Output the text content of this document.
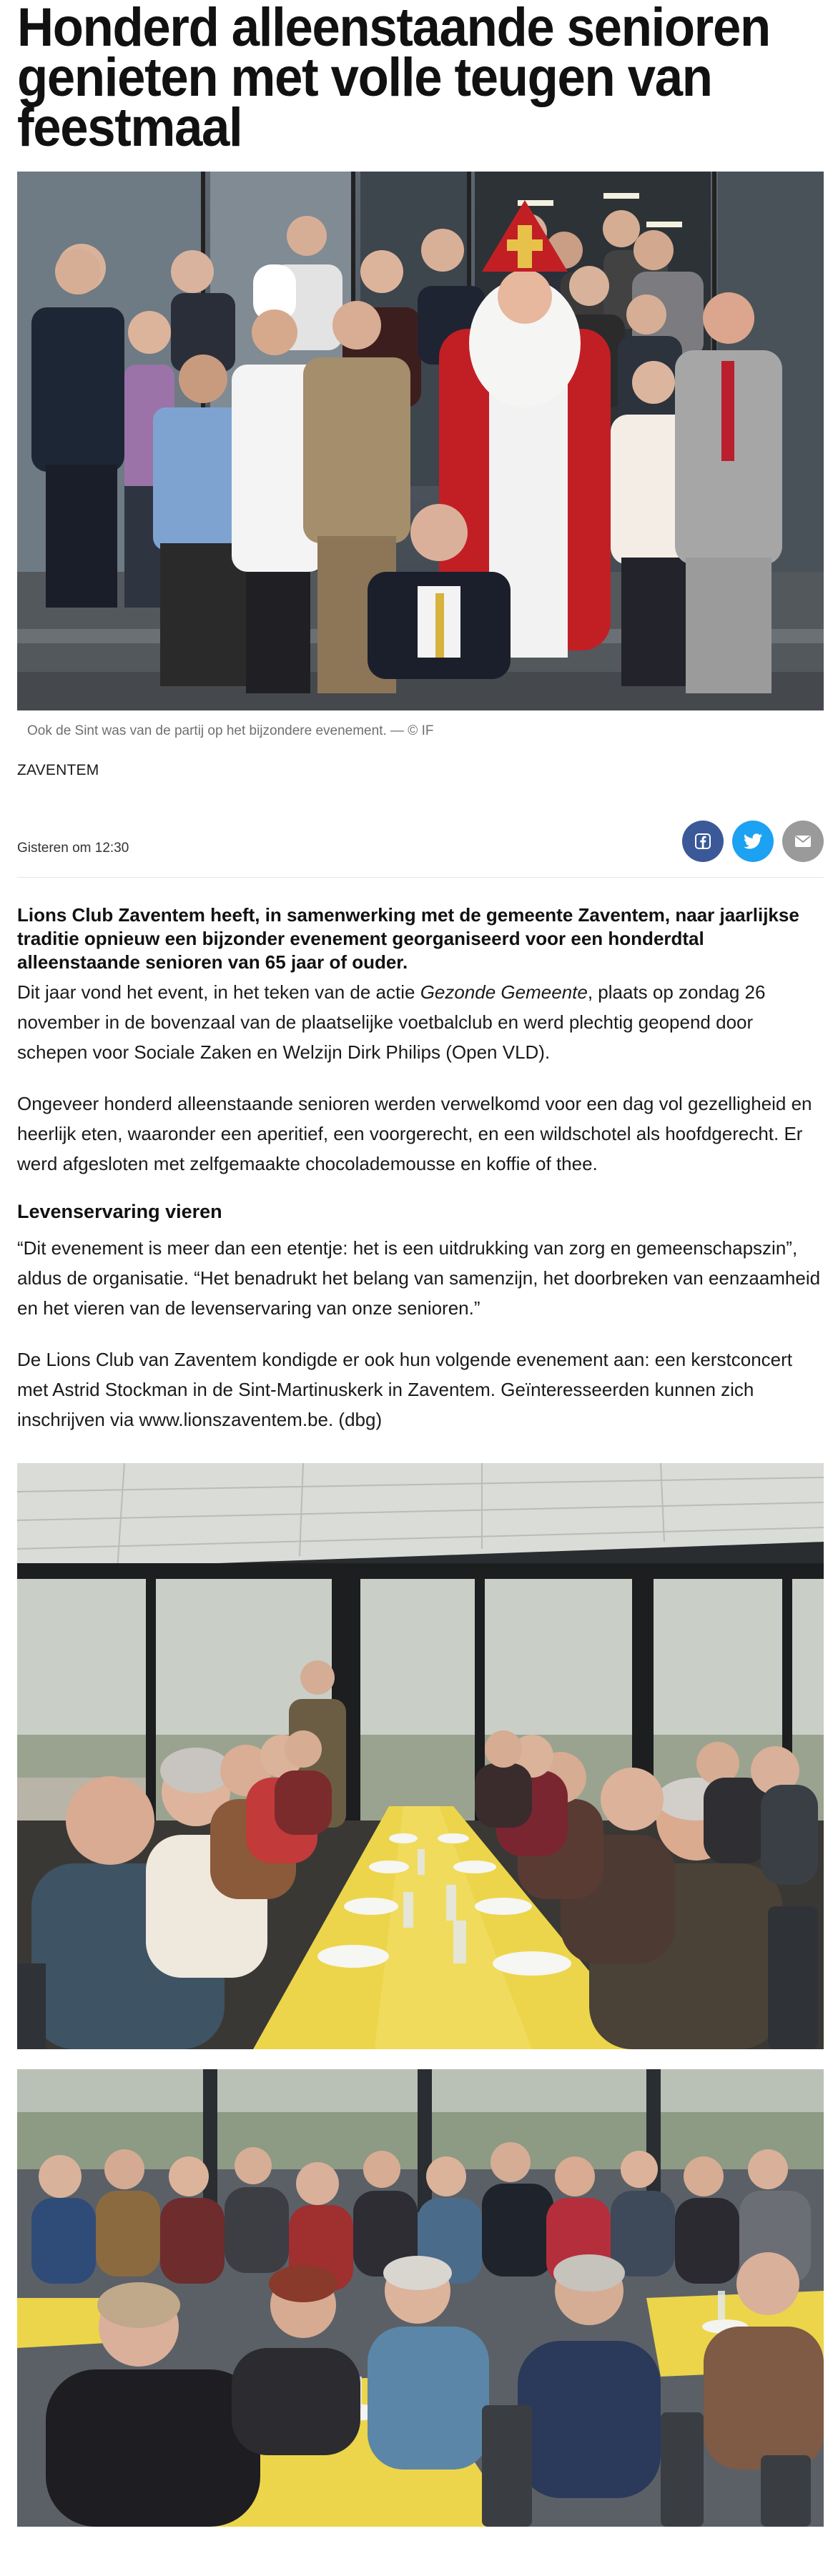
Honderd alleenstaande senioren genieten met volle teugen van feestmaal
Ook de Sint was van de partij op het bijzondere evenement. — © IF
ZAVENTEM
Gisteren om 12:30

Lions Club Zaventem heeft, in samenwerking met de gemeente Zaventem, naar jaarlijkse traditie opnieuw een bijzonder evenement georganiseerd voor een honderdtal alleenstaande senioren van 65 jaar of ouder.

Dit jaar vond het event, in het teken van de actie Gezonde Gemeente, plaats op zondag 26 november in de bovenzaal van de plaatselijke voetbalclub en werd plechtig geopend door schepen voor Sociale Zaken en Welzijn Dirk Philips (Open VLD).

Ongeveer honderd alleenstaande senioren werden verwelkomd voor een dag vol gezelligheid en heerlijk eten, waaronder een aperitief, een voorgerecht, en een wildschotel als hoofdgerecht. Er werd afgesloten met zelfgemaakte chocolademousse en koffie of thee.

Levenservaring vieren

“Dit evenement is meer dan een etentje: het is een uitdrukking van zorg en gemeenschapszin”, aldus de organisatie. “Het benadrukt het belang van samenzijn, het doorbreken van eenzaamheid en het vieren van de levenservaring van onze senioren.”

De Lions Club van Zaventem kondigde er ook hun volgende evenement aan: een kerstconcert met Astrid Stockman in de Sint-Martinuskerk in Zaventem. Geïnteresseerden kunnen zich inschrijven via www.lionszaventem.be. (dbg)
